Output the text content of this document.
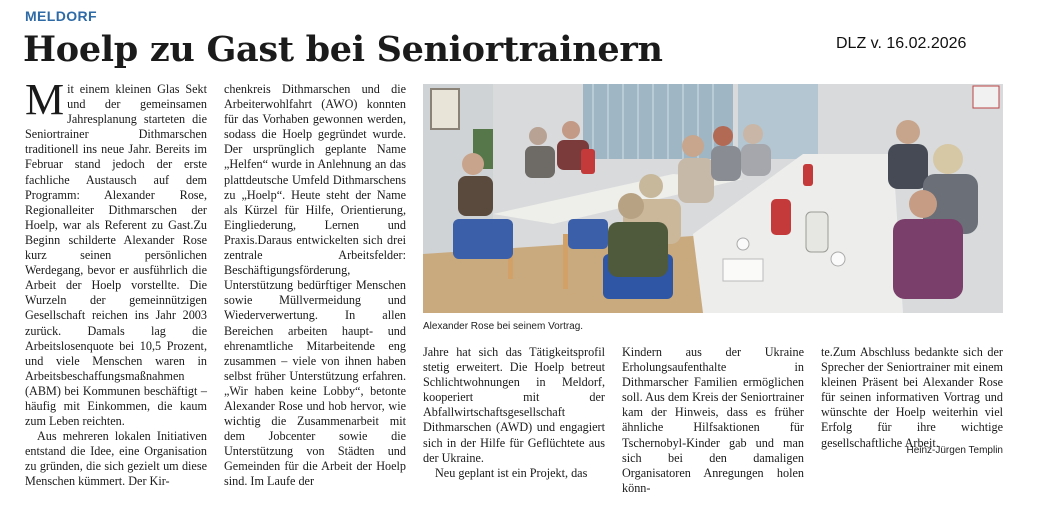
MELDORF
Hoelp zu Gast bei Seniortrainern	DLZ v. 16.02.2026

Mit einem kleinen Glas Sekt und der gemeinsamen Jahresplanung starteten die Seniortrainer Dithmarschen traditionell ins neue Jahr. Bereits im Februar stand jedoch der erste fachliche Austausch auf dem Programm: Alexander Rose, Regionalleiter Dithmarschen der Hoelp, war als Referent zu Gast.Zu Beginn schilderte Alexander Rose kurz seinen persönlichen Werdegang, bevor er ausführlich die Arbeit der Hoelp vorstellte. Die Wurzeln der gemeinnützigen Gesellschaft reichen ins Jahr 2003 zurück. Damals lag die Arbeitslosenquote bei 10,5 Prozent, und viele Menschen waren in Arbeitsbeschaffungsmaßnahmen (ABM) bei Kommunen beschäftigt – häufig mit Einkommen, die kaum zum Leben reichten.

Aus mehreren lokalen Initiativen entstand die Idee, eine Organisation zu gründen, die sich gezielt um diese Menschen kümmert. Der Kir-

chenkreis Dithmarschen und die Arbeiterwohlfahrt (AWO) konnten für das Vorhaben gewonnen werden, sodass die Hoelp gegründet wurde. Der ursprünglich geplante Name „Helfen“ wurde in Anlehnung an das plattdeutsche Umfeld Dithmarschens zu „Hoelp“. Heute steht der Name als Kürzel für Hilfe, Orientierung, Eingliederung, Lernen und Praxis.Daraus entwickelten sich drei zentrale Arbeitsfelder: Beschäftigungsförderung, Unterstützung bedürftiger Menschen sowie Müllvermeidung und Wiederverwertung. In allen Bereichen arbeiten haupt- und ehrenamtliche Mitarbeitende eng zusammen – viele von ihnen haben selbst früher Unterstützung erfahren.„Wir haben keine Lobby“, betonte Alexander Rose und hob hervor, wie wichtig die Zusammenarbeit mit dem Jobcenter sowie die Unterstützung von Städten und Gemeinden für die Arbeit der Hoelp sind. Im Laufe der

Alexander Rose bei seinem Vortrag.

Jahre hat sich das Tätigkeitsprofil stetig erweitert. Die Hoelp betreut Schlichtwohnungen in Meldorf, kooperiert mit der Abfallwirtschaftsgesellschaft Dithmarschen (AWD) und engagiert sich in der Hilfe für Geflüchtete aus der Ukraine.

Neu geplant ist ein Projekt, das

Kindern aus der Ukraine Erholungsaufenthalte in Dithmarscher Familien ermöglichen soll. Aus dem Kreis der Seniortrainer kam der Hinweis, dass es früher ähnliche Hilfsaktionen für Tschernobyl-Kinder gab und man sich bei den damaligen Organisatoren Anregungen holen könn-

te.Zum Abschluss bedankte sich der Sprecher der Seniortrainer mit einem kleinen Präsent bei Alexander Rose für seinen informativen Vortrag und wünschte der Hoelp weiterhin viel Erfolg für ihre wichtige gesellschaftliche Arbeit.

Heinz-Jürgen Templin
